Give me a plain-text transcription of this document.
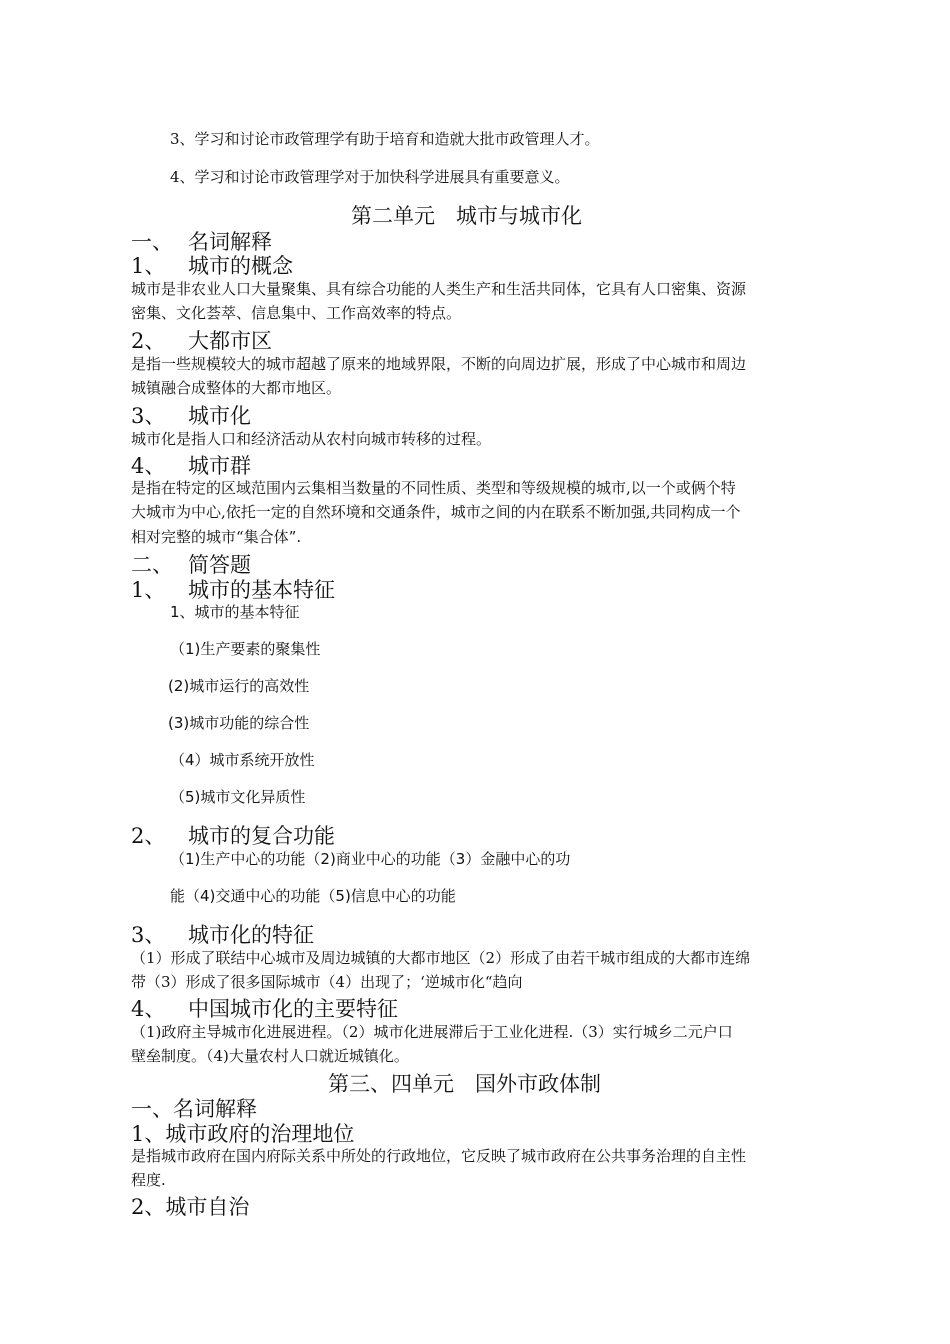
3、学习和讨论市政管理学有助于培育和造就大批市政管理人才。
4、学习和讨论市政管理学对于加快科学进展具有重要意义。
第二单元　城市与城市化
一、 名词解释
1、 城市的概念
城市是非农业人口大量聚集、具有综合功能的人类生产和生活共同体，它具有人口密集、资源
密集、文化荟萃、信息集中、工作高效率的特点。
2、 大都市区
是指一些规模较大的城市超越了原来的地域界限，不断的向周边扩展，形成了中心城市和周边
城镇融合成整体的大都市地区。
3、 城市化
城市化是指人口和经济活动从农村向城市转移的过程。
4、 城市群
是指在特定的区域范围内云集相当数量的不同性质、类型和等级规模的城市,以一个或俩个特
大城市为中心,依托一定的自然环境和交通条件，城市之间的内在联系不断加强,共同构成一个
相对完整的城市“集合体”.
二、 简答题
1、 城市的基本特征
1、城市的基本特征
（1)生产要素的聚集性
(2)城市运行的高效性
(3)城市功能的综合性
（4）城市系统开放性
（5)城市文化异质性
2、 城市的复合功能
（1)生产中心的功能（2)商业中心的功能（3）金融中心的功
能（4)交通中心的功能（5)信息中心的功能
3、 城市化的特征
（1）形成了联结中心城市及周边城镇的大都市地区（2）形成了由若干城市组成的大都市连绵
带（3）形成了很多国际城市（4）出现了；‘逆城市化“趋向
4、 中国城市化的主要特征
（1)政府主导城市化进展进程。（2）城市化进展滞后于工业化进程.（3）实行城乡二元户口
壁垒制度。（4)大量农村人口就近城镇化。
第三、四单元　国外市政体制
一、名词解释
1、城市政府的治理地位
是指城市政府在国内府际关系中所处的行政地位，它反映了城市政府在公共事务治理的自主性
程度.
2、城市自治
